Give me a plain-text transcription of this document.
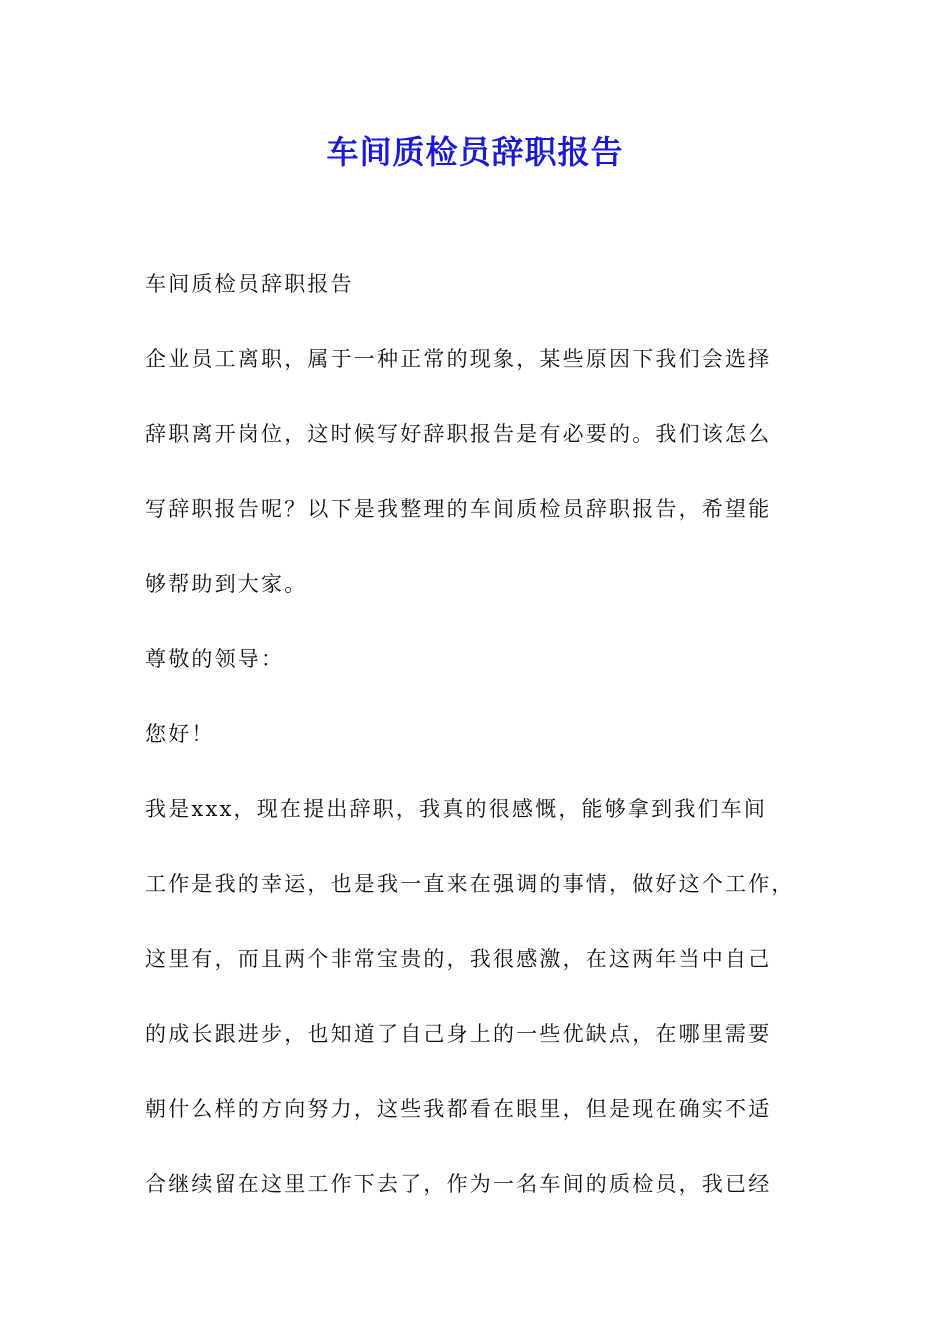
车间质检员辞职报告
车间质检员辞职报告
企业员工离职，属于一种正常的现象，某些原因下我们会选择
辞职离开岗位，这时候写好辞职报告是有必要的。我们该怎么
写辞职报告呢？以下是我整理的车间质检员辞职报告，希望能
够帮助到大家。
尊敬的领导：
您好！
我是xxx，现在提出辞职，我真的很感慨，能够拿到我们车间
工作是我的幸运，也是我一直来在强调的事情，做好这个工作，
这里有，而且两个非常宝贵的，我很感激，在这两年当中自己
的成长跟进步，也知道了自己身上的一些优缺点，在哪里需要
朝什么样的方向努力，这些我都看在眼里，但是现在确实不适
合继续留在这里工作下去了，作为一名车间的质检员，我已经
